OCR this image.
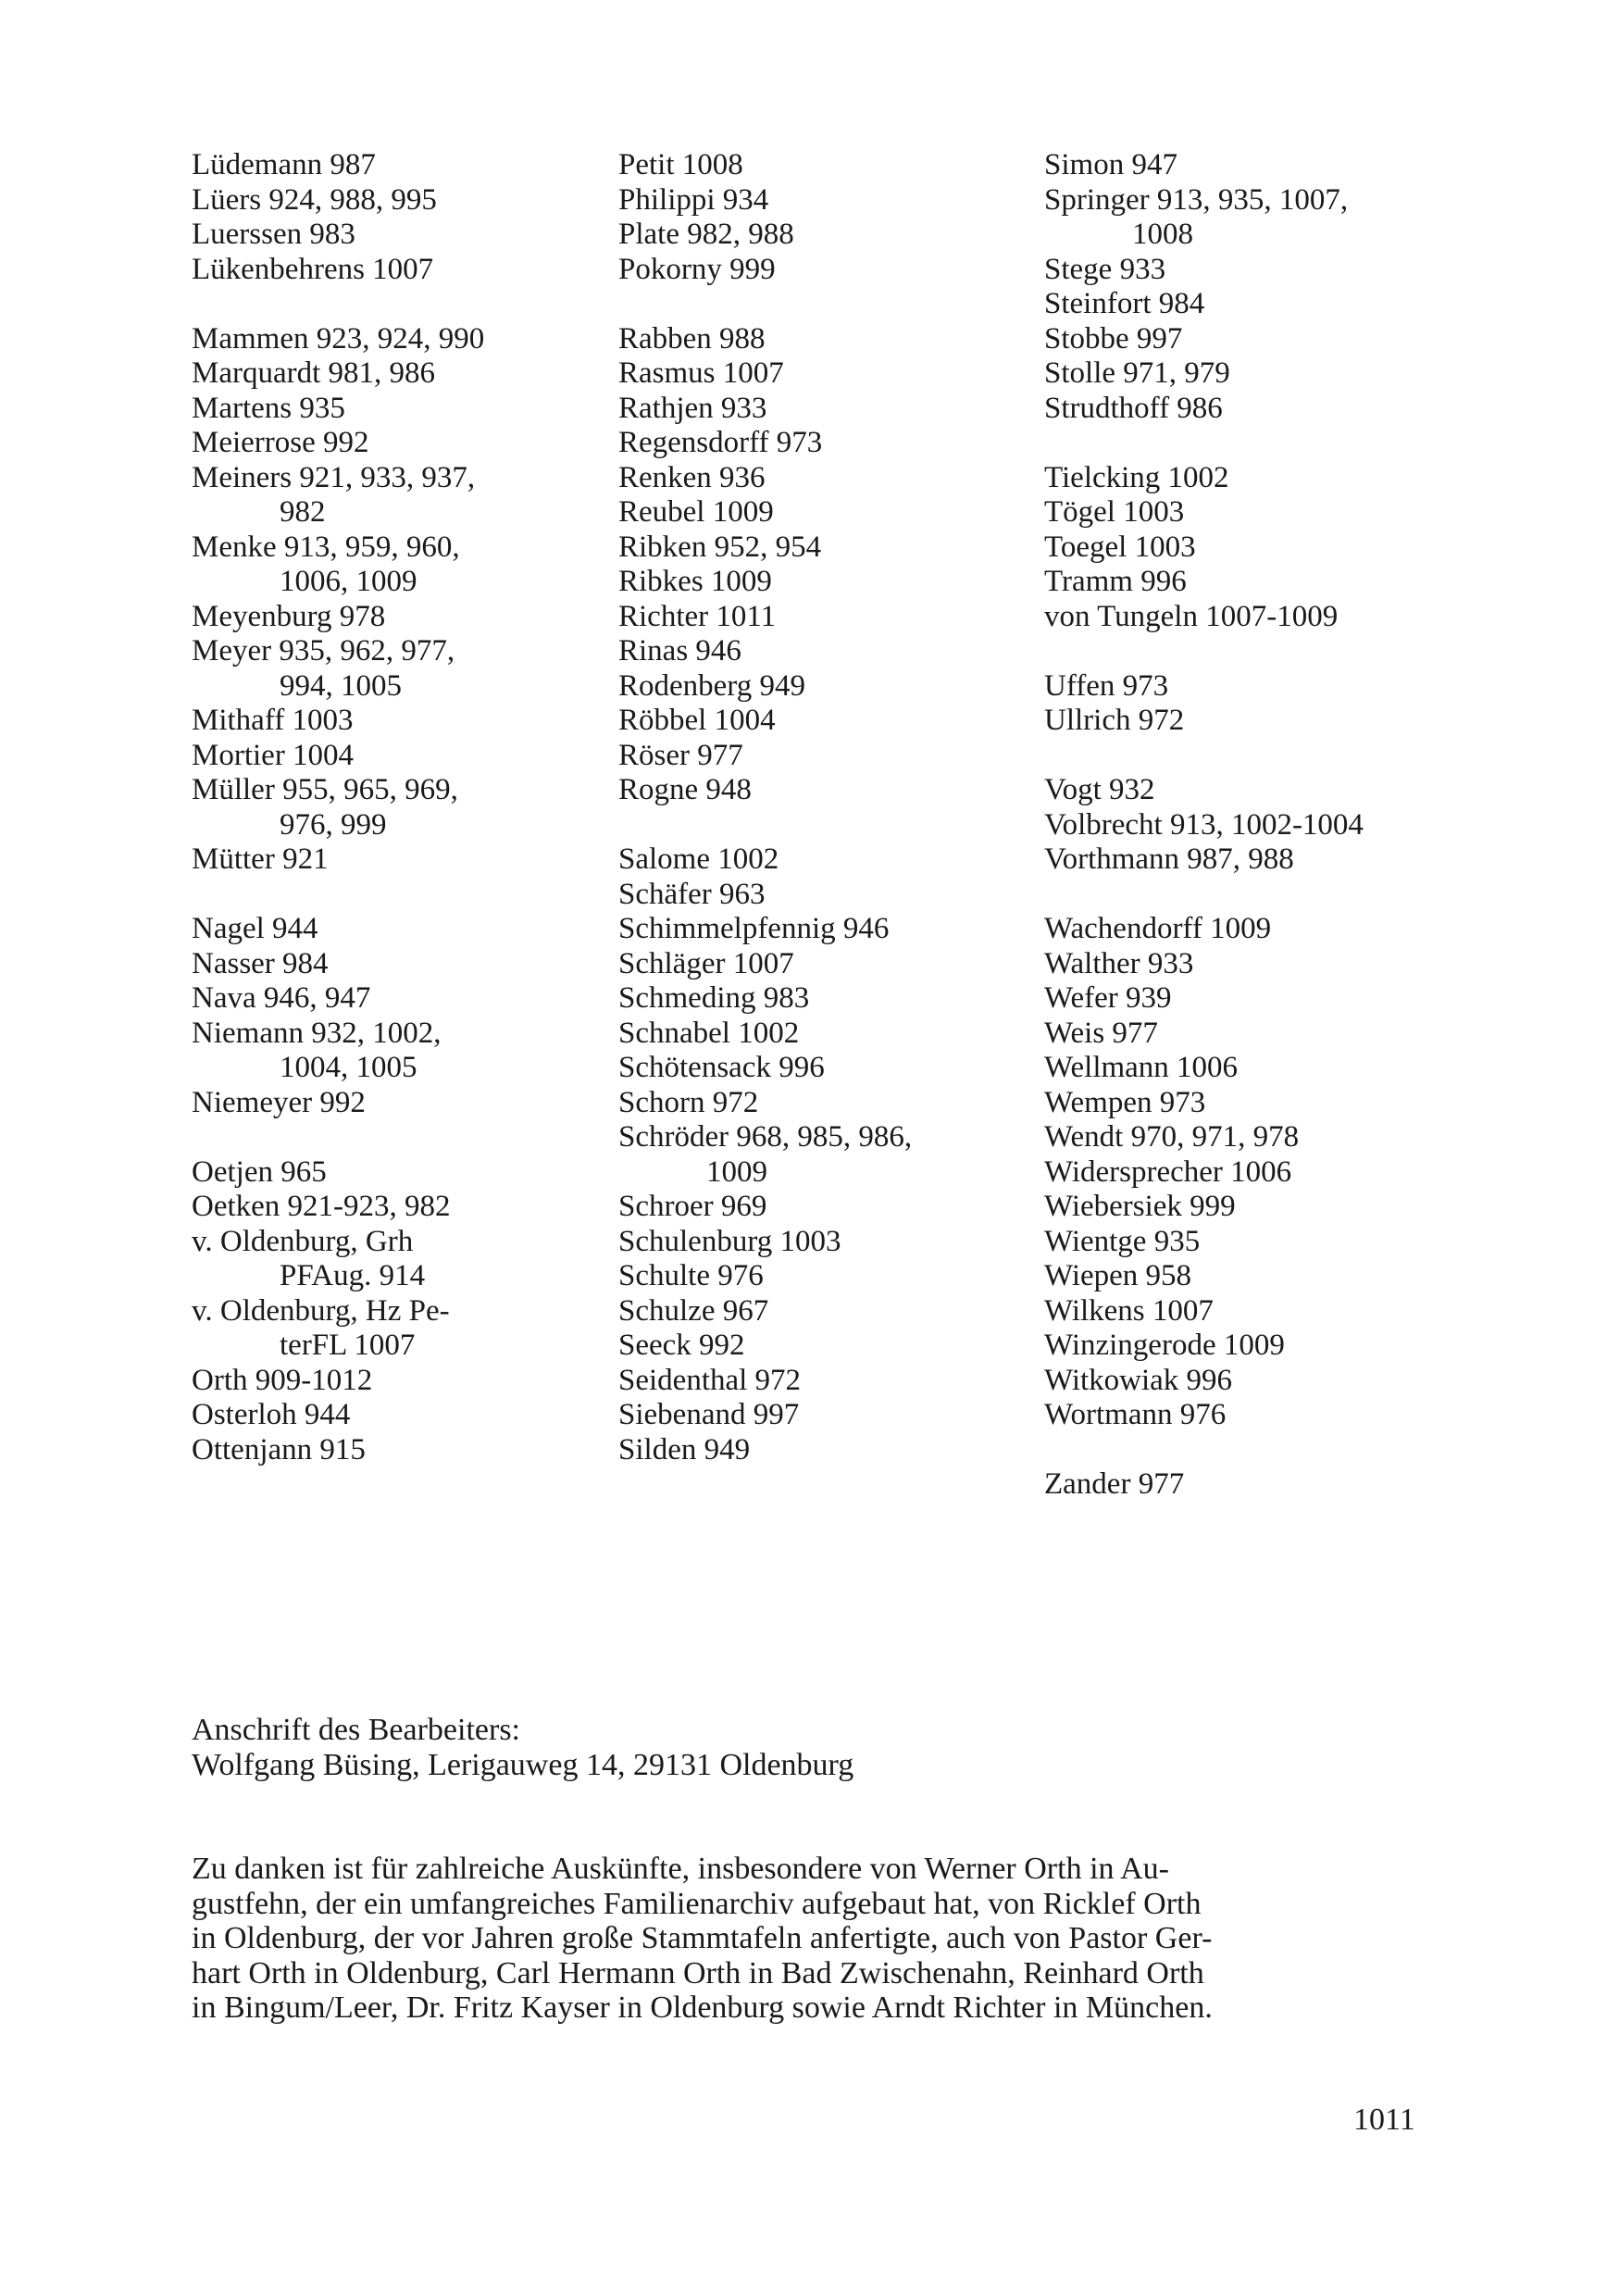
Lüdemann 987
Lüers 924, 988, 995
Luerssen 983
Lükenbehrens 1007
Mammen 923, 924, 990
Marquardt 981, 986
Martens 935
Meierrose 992
Meiners 921, 933, 937,
982
Menke 913, 959, 960,
1006, 1009
Meyenburg 978
Meyer 935, 962, 977,
994, 1005
Mithaff 1003
Mortier 1004
Müller 955, 965, 969,
976, 999
Mütter 921
Nagel 944
Nasser 984
Nava 946, 947
Niemann 932, 1002,
1004, 1005
Niemeyer 992
Oetjen 965
Oetken 921-923, 982
v. Oldenburg, Grh
PFAug. 914
v. Oldenburg, Hz Pe-
terFL 1007
Orth 909-1012
Osterloh 944
Ottenjann 915
Petit 1008
Philippi 934
Plate 982, 988
Pokorny 999
Rabben 988
Rasmus 1007
Rathjen 933
Regensdorff 973
Renken 936
Reubel 1009
Ribken 952, 954
Ribkes 1009
Richter 1011
Rinas 946
Rodenberg 949
Röbbel 1004
Röser 977
Rogne 948
Salome 1002
Schäfer 963
Schimmelpfennig 946
Schläger 1007
Schmeding 983
Schnabel 1002
Schötensack 996
Schorn 972
Schröder 968, 985, 986,
1009
Schroer 969
Schulenburg 1003
Schulte 976
Schulze 967
Seeck 992
Seidenthal 972
Siebenand 997
Silden 949
Simon 947
Springer 913, 935, 1007,
1008
Stege 933
Steinfort 984
Stobbe 997
Stolle 971, 979
Strudthoff 986
Tielcking 1002
Tögel 1003
Toegel 1003
Tramm 996
von Tungeln 1007-1009
Uffen 973
Ullrich 972
Vogt 932
Volbrecht 913, 1002-1004
Vorthmann 987, 988
Wachendorff 1009
Walther 933
Wefer 939
Weis 977
Wellmann 1006
Wempen 973
Wendt 970, 971, 978
Widersprecher 1006
Wiebersiek 999
Wientge 935
Wiepen 958
Wilkens 1007
Winzingerode 1009
Witkowiak 996
Wortmann 976
Zander 977
Anschrift des Bearbeiters:
Wolfgang Büsing, Lerigauweg 14, 29131 Oldenburg
Zu danken ist für zahlreiche Auskünfte, insbesondere von Werner Orth in Au-
gustfehn, der ein umfangreiches Familienarchiv aufgebaut hat, von Ricklef Orth
in Oldenburg, der vor Jahren große Stammtafeln anfertigte, auch von Pastor Ger-
hart Orth in Oldenburg, Carl Hermann Orth in Bad Zwischenahn, Reinhard Orth
in Bingum/Leer, Dr. Fritz Kayser in Oldenburg sowie Arndt Richter in München.
1011
